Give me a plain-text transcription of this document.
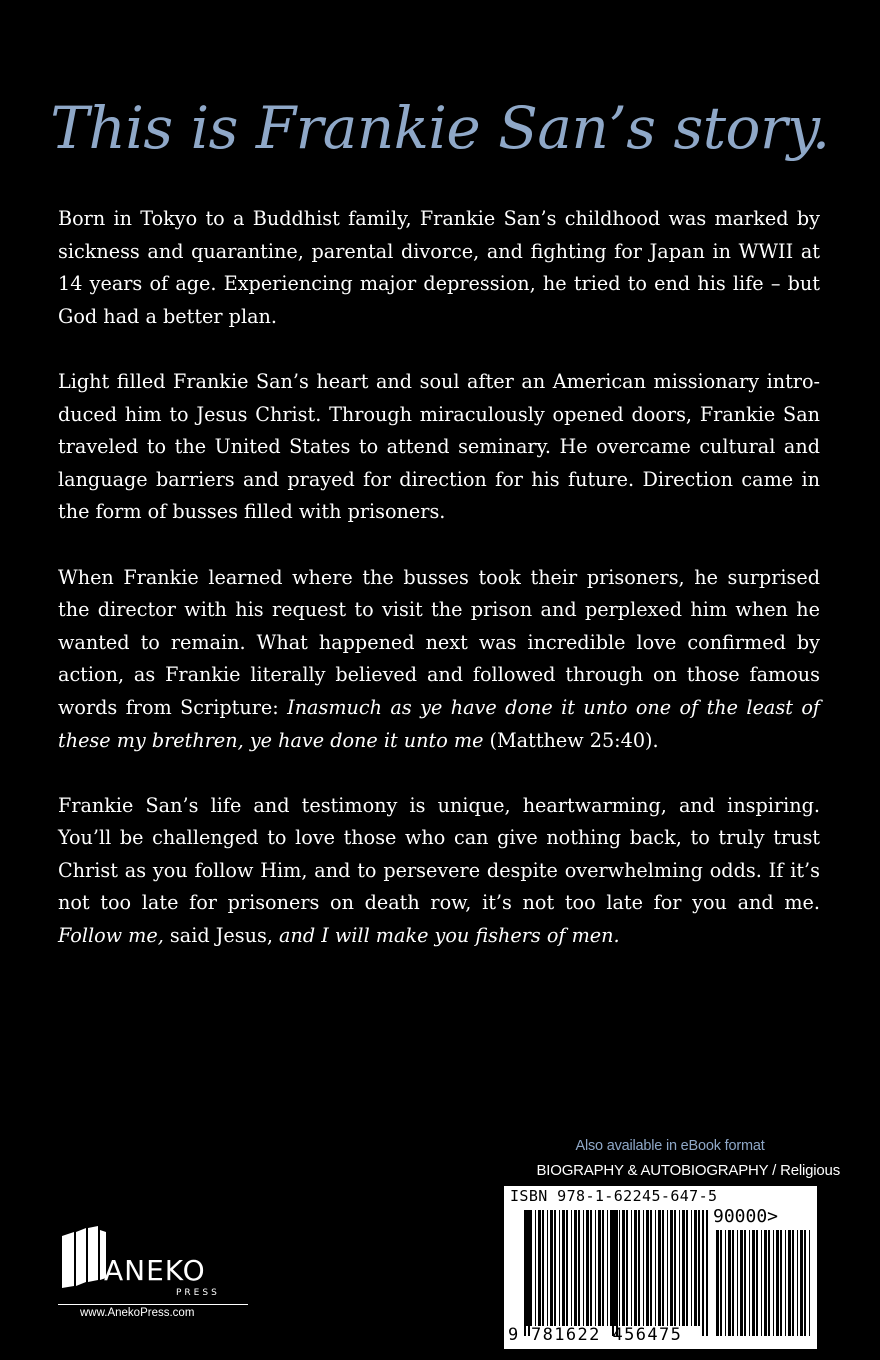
This is Frankie San’s story.

Born in Tokyo to a Buddhist family, Frankie San’s childhood was marked by sickness and quarantine, parental divorce, and fighting for Japan in WWII at 14 years of age. Experiencing major depression, he tried to end his life – but God had a better plan.

Light filled Frankie San’s heart and soul after an American missionary introduced him to Jesus Christ. Through miraculously opened doors, Frankie San traveled to the United States to attend seminary. He overcame cultural and language barriers and prayed for direction for his future. Direction came in the form of busses filled with prisoners.

When Frankie learned where the busses took their prisoners, he surprised the director with his request to visit the prison and perplexed him when he wanted to remain. What happened next was incredible love confirmed by action, as Frankie literally believed and followed through on those famous words from Scripture: Inasmuch as ye have done it unto one of the least of these my brethren, ye have done it unto me (Matthew 25:40).

Frankie San’s life and testimony is unique, heartwarming, and inspiring. You’ll be challenged to love those who can give nothing back, to truly trust Christ as you follow Him, and to persevere despite overwhelming odds. If it’s not too late for prisoners on death row, it’s not too late for you and me. Follow me, said Jesus, and I will make you fishers of men.

ANEKO
PRESS
www.AnekoPress.com
Also available in eBook format
BIOGRAPHY & AUTOBIOGRAPHY / Religious
ISBN 978-1-62245-647-5
90000>
9 781622 456475
